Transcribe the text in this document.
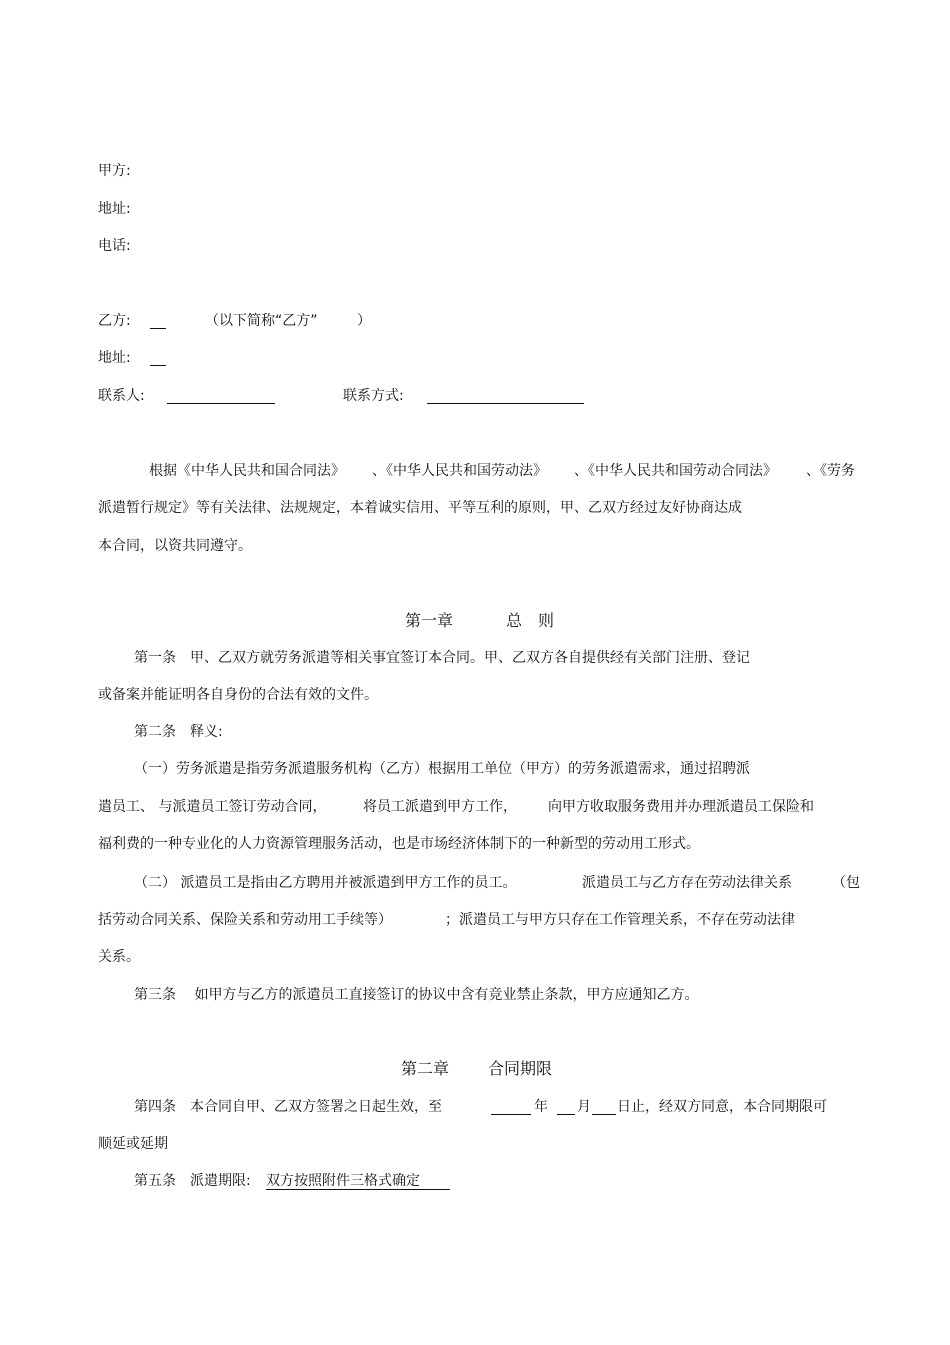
甲方:
地址:
电话:
乙方:	（以下简称“乙方”	）
地址:
联系人:	联系方式:
根据《中华人民共和国合同法》 、《中华人民共和国劳动法》 、《中华人民共和国劳动合同法》 、《劳务
派遣暂行规定》等有关法律、法规规定，本着诚实信用、平等互利的原则，甲、乙双方经过友好协商达成
本合同，以资共同遵守。
第一章	总　则
第一条　甲、乙双方就劳务派遣等相关事宜签订本合同。甲、乙双方各自提供经有关部门注册、登记
或备案并能证明各自身份的合法有效的文件。
第二条　释义:
（一）劳务派遣是指劳务派遣服务机构（乙方）根据用工单位（甲方）的劳务派遣需求，通过招聘派
遣员工、 与派遣员工签订劳动合同，	将员工派遣到甲方工作， 向甲方收取服务费用并办理派遣员工保险和
福利费的一种专业化的人力资源管理服务活动，也是市场经济体制下的一种新型的劳动用工形式。
（二） 派遣员工是指由乙方聘用并被派遣到甲方工作的员工。	派遣员工与乙方存在劳动法律关系	（包
括劳动合同关系、保险关系和劳动用工手续等）	；派遣员工与甲方只存在工作管理关系，不存在劳动法律
关系。
第三条　 如甲方与乙方的派遣员工直接签订的协议中含有竞业禁止条款，甲方应通知乙方。
第二章 合同期限
第四条　本合同自甲、乙双方签署之日起生效，至	年 月 日止，经双方同意，本合同期限可
顺延或延期
第五条　派遣期限: 双方按照附件三格式确定
